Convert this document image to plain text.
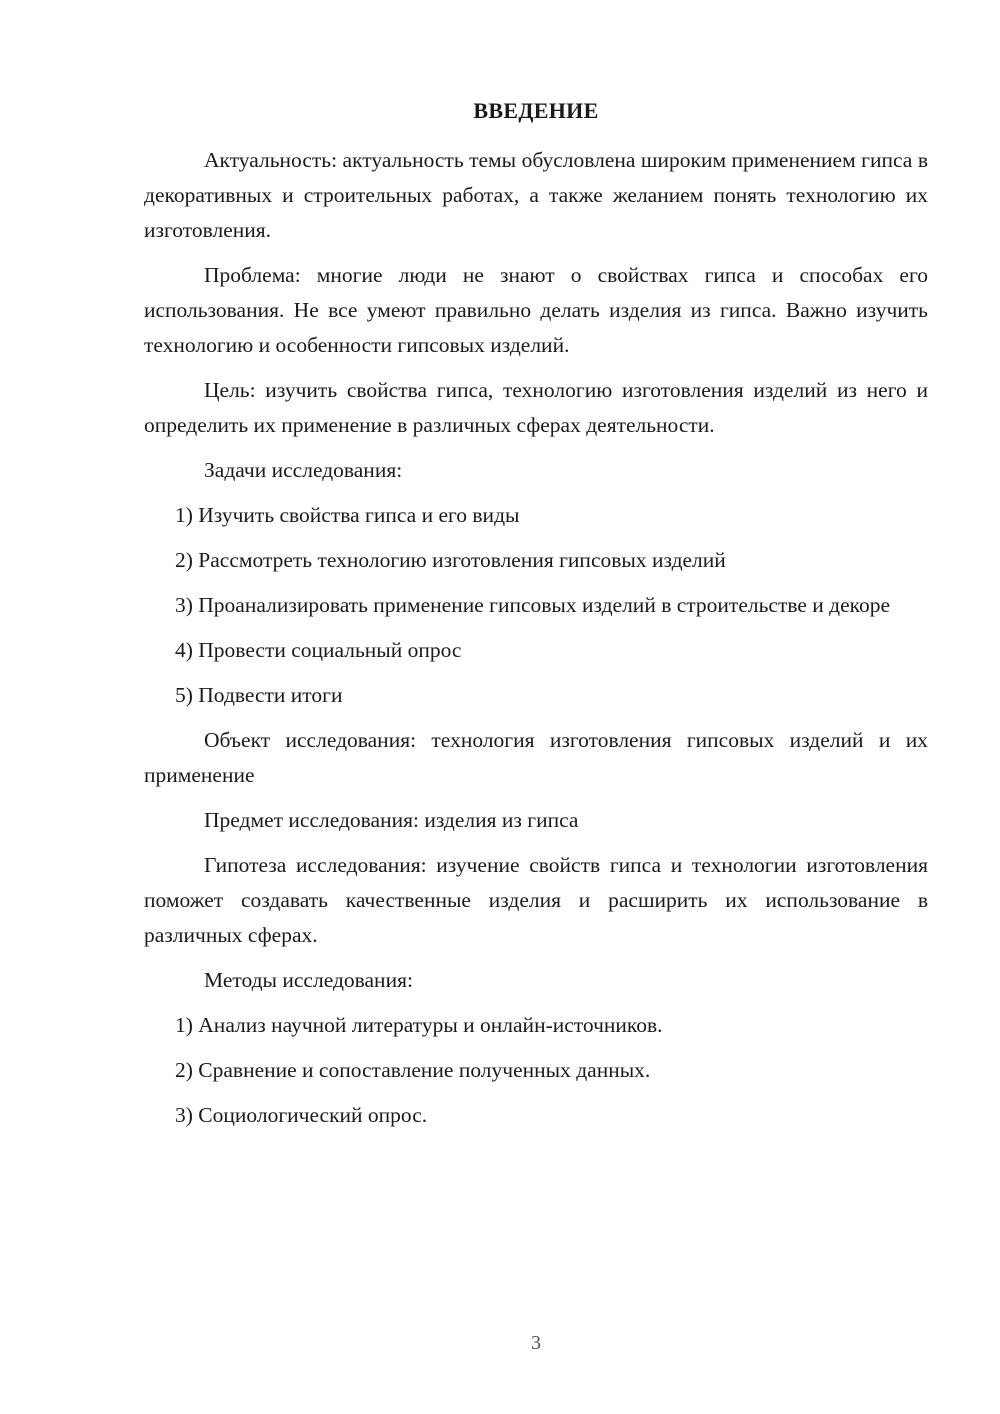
ВВЕДЕНИЕ

Актуальность: актуальность темы обусловлена широким применением гипса в декоративных и строительных работах, а также желанием понять технологию их изготовления.

Проблема: многие люди не знают о свойствах гипса и способах его использования. Не все умеют правильно делать изделия из гипса. Важно изучить технологию и особенности гипсовых изделий.

Цель: изучить свойства гипса, технологию изготовления изделий из него и определить их применение в различных сферах деятельности.

Задачи исследования:

1) Изучить свойства гипса и его виды

2) Рассмотреть технологию изготовления гипсовых изделий

3) Проанализировать применение гипсовых изделий в строительстве и декоре

4) Провести социальный опрос

5) Подвести итоги

Объект исследования: технология изготовления гипсовых изделий и их применение

Предмет исследования: изделия из гипса

Гипотеза исследования: изучение свойств гипса и технологии изготовления поможет создавать качественные изделия и расширить их использование в различных сферах.

Методы исследования:

1) Анализ научной литературы и онлайн-источников.

2) Сравнение и сопоставление полученных данных.

3) Социологический опрос.

3
